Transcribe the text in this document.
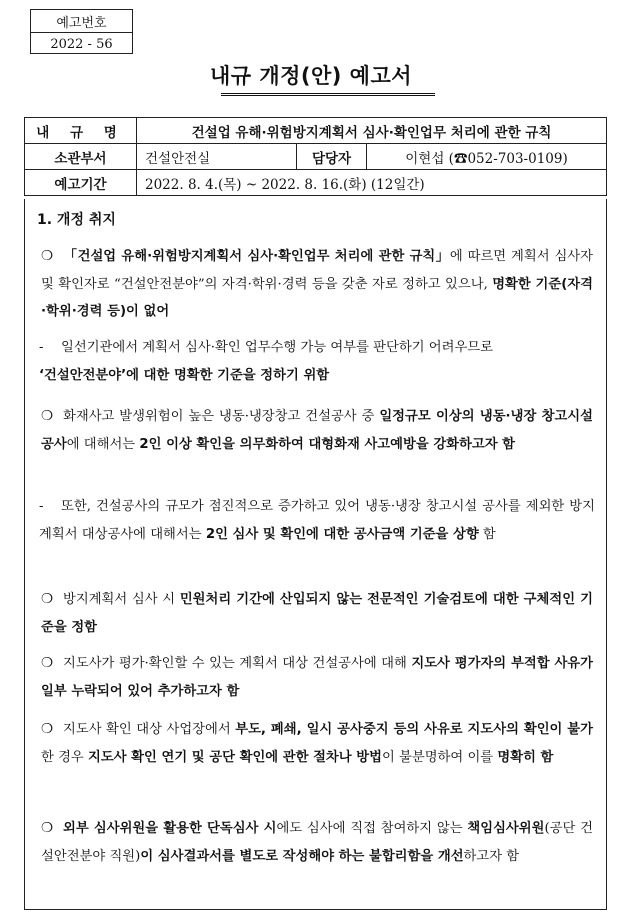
예고번호
2022 - 56
내규 개정(안) 예고서
내 규 명	건설업 유해·위험방지계획서 심사·확인업무 처리에 관한 규칙		
소관부서	건설안전실	담당자	이현섭 (☎052-703-0109)
예고기간	2022. 8. 4.(목) ~ 2022. 8. 16.(화) (12일간)		
1. 개정 취지
❍ 「건설업 유해·위험방지계획서 심사·확인업무 처리에 관한 규칙」에 따르면 계획서 심사자 및 확인자로 “건설안전분야”의 자격·학위·경력 등을 갖춘 자로 정하고 있으나, 명확한 기준(자격·학위·경력 등)이 없어
- 일선기관에서 계획서 심사·확인 업무수행 가능 여부를 판단하기 어려우므로
‘건설안전분야’에 대한 명확한 기준을 정하기 위함
❍ 화재사고 발생위험이 높은 냉동·냉장창고 건설공사 중 일정규모 이상의 냉동·냉장 창고시설 공사에 대해서는 2인 이상 확인을 의무화하여 대형화재 사고예방을 강화하고자 함
- 또한, 건설공사의 규모가 점진적으로 증가하고 있어 냉동·냉장 창고시설 공사를 제외한 방지계획서 대상공사에 대해서는 2인 심사 및 확인에 대한 공사금액 기준을 상향 함
❍ 방지계획서 심사 시 민원처리 기간에 산입되지 않는 전문적인 기술검토에 대한 구체적인 기준을 정함
❍ 지도사가 평가·확인할 수 있는 계획서 대상 건설공사에 대해 지도사 평가자의 부적합 사유가 일부 누락되어 있어 추가하고자 함
❍ 지도사 확인 대상 사업장에서 부도, 폐쇄, 일시 공사중지 등의 사유로 지도사의 확인이 불가한 경우 지도사 확인 연기 및 공단 확인에 관한 절차나 방법이 불분명하여 이를 명확히 함
❍ 외부 심사위원을 활용한 단독심사 시에도 심사에 직접 참여하지 않는 책임심사위원(공단 건설안전분야 직원)이 심사결과서를 별도로 작성해야 하는 불합리함을 개선하고자 함
